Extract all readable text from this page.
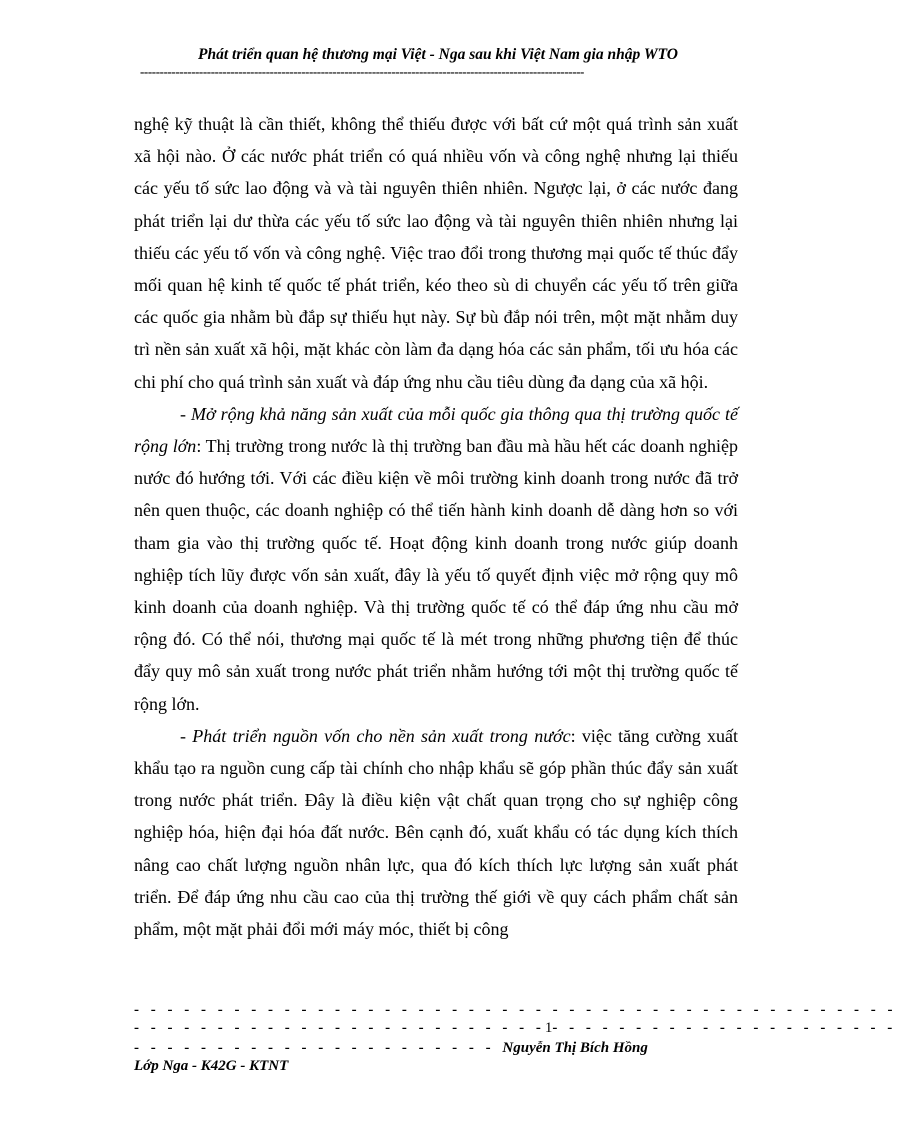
Phát triển quan hệ thương mại Việt - Nga sau khi Việt Nam gia nhập WTO
-----------------------------------------------------------------------------------------------------------------

nghệ kỹ thuật là cần thiết, không thể thiếu được với bất cứ một quá trình sản xuất xã hội nào. Ở các nước phát triển có quá nhiều vốn và công nghệ nhưng lại thiếu các yếu tố sức lao động và và tài nguyên thiên nhiên. Ngược lại, ở các nước đang phát triển lại dư thừa các yếu tố sức lao động và tài nguyên thiên nhiên nhưng lại thiếu các yếu tố vốn và công nghệ. Việc trao đổi trong thương mại quốc tế thúc đẩy mối quan hệ kinh tế quốc tế phát triển, kéo theo sù di chuyển các yếu tố trên giữa các quốc gia nhằm bù đắp sự thiếu hụt này. Sự bù đắp nói trên, một mặt nhằm duy trì nền sản xuất xã hội, mặt khác còn làm đa dạng hóa các sản phẩm, tối ưu hóa các chi phí cho quá trình sản xuất và đáp ứng nhu cầu tiêu dùng đa dạng của xã hội.

- Mở rộng khả năng sản xuất của mỗi quốc gia thông qua thị trường quốc tế rộng lớn: Thị trường trong nước là thị trường ban đầu mà hầu hết các doanh nghiệp nước đó hướng tới. Với các điều kiện về môi trường kinh doanh trong nước đã trở nên quen thuộc, các doanh nghiệp có thể tiến hành kinh doanh dễ dàng hơn so với tham gia vào thị trường quốc tế. Hoạt động kinh doanh trong nước giúp doanh nghiệp tích lũy được vốn sản xuất, đây là yếu tố quyết định việc mở rộng quy mô kinh doanh của doanh nghiệp. Và thị trường quốc tế có thể đáp ứng nhu cầu mở rộng đó. Có thể nói, thương mại quốc tế là mét trong những phương tiện để thúc đẩy quy mô sản xuất trong nước phát triển nhằm hướng tới một thị trường quốc tế rộng lớn.

- Phát triển nguồn vốn cho nền sản xuất trong nước: việc tăng cường xuất khẩu tạo ra nguồn cung cấp tài chính cho nhập khẩu sẽ góp phần thúc đẩy sản xuất trong nước phát triển. Đây là điều kiện vật chất quan trọng cho sự nghiệp công nghiệp hóa, hiện đại hóa đất nước. Bên cạnh đó, xuất khẩu có tác dụng kích thích nâng cao chất lượng nguồn nhân lực, qua đó kích thích lực lượng sản xuất phát triển. Để đáp ứng nhu cầu cao của thị trường thế giới về quy cách phẩm chất sản phẩm, một mặt phải đổi mới máy móc, thiết bị công

- - - - - - - - - - - - - - - - - - - - - - - - - - - - - - - - - - - - - - - - - - - - - -
- - - - - - - - - - - - - - - - - - - - - - - - -1- - - - - - - - - - - - - - - - - - - - -
- - - - - - - - - - - - - - - - - - - - - - Nguyễn Thị Bích Hồng
Lớp Nga - K42G - KTNT
